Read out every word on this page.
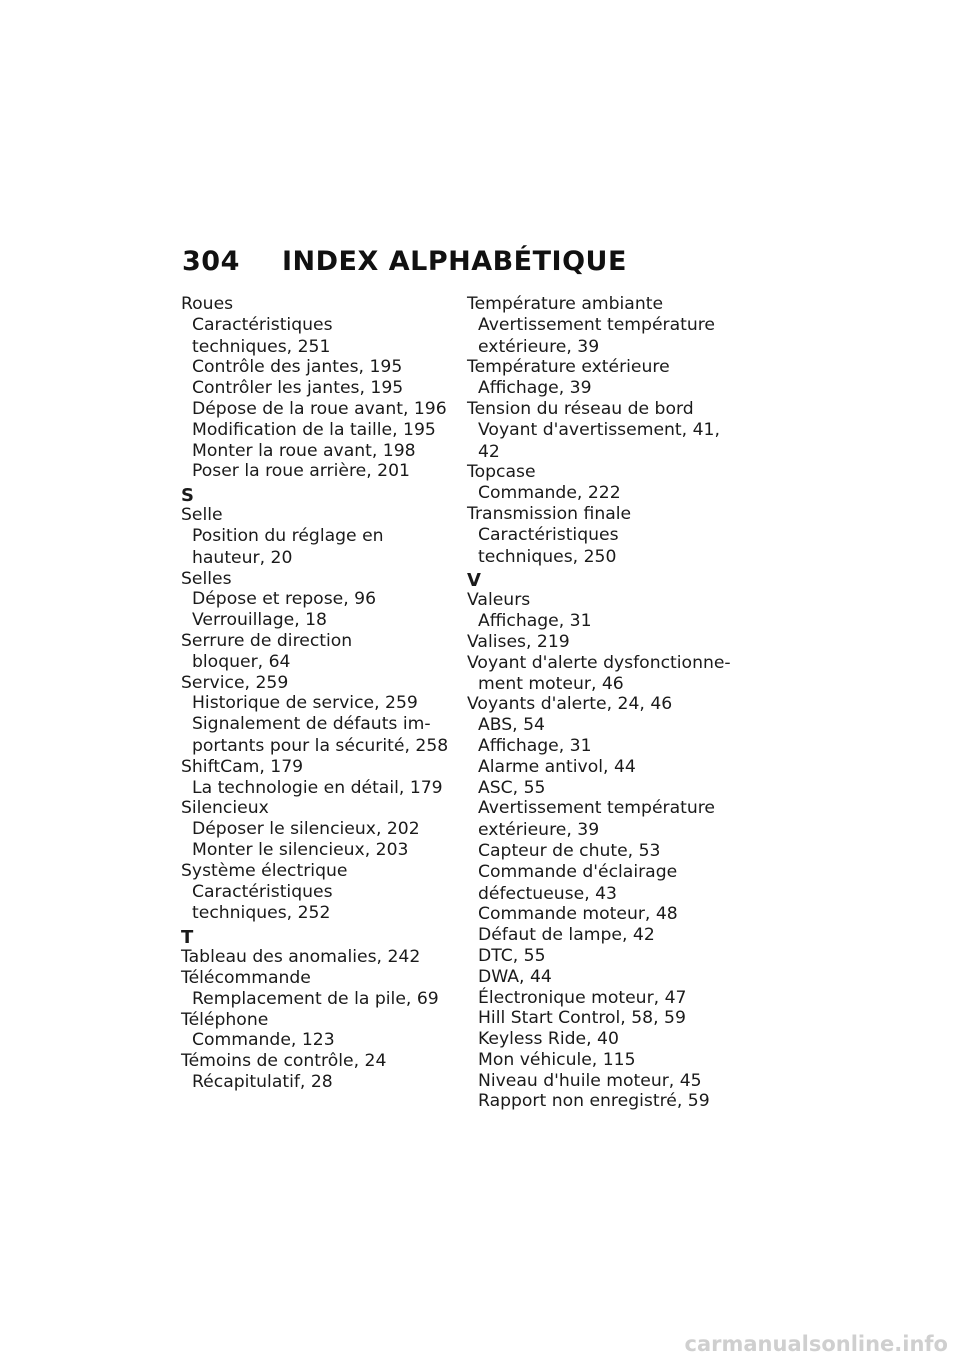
304 INDEX ALPHABÉTIQUE
Roues
Caractéristiques
techniques, 251
Contrôle des jantes, 195
Contrôler les jantes, 195
Dépose de la roue avant, 196
Modification de la taille, 195
Monter la roue avant, 198
Poser la roue arrière, 201
S
Selle
Position du réglage en
hauteur, 20
Selles
Dépose et repose, 96
Verrouillage, 18
Serrure de direction
bloquer, 64
Service, 259
Historique de service, 259
Signalement de défauts im-
portants pour la sécurité, 258
ShiftCam, 179
La technologie en détail, 179
Silencieux
Déposer le silencieux, 202
Monter le silencieux, 203
Système électrique
Caractéristiques
techniques, 252
T
Tableau des anomalies, 242
Télécommande
Remplacement de la pile, 69
Téléphone
Commande, 123
Témoins de contrôle, 24
Récapitulatif, 28
Température ambiante
Avertissement température
extérieure, 39
Température extérieure
Affichage, 39
Tension du réseau de bord
Voyant d'avertissement, 41,
42
Topcase
Commande, 222
Transmission finale
Caractéristiques
techniques, 250
V
Valeurs
Affichage, 31
Valises, 219
Voyant d'alerte dysfonctionne-
ment moteur, 46
Voyants d'alerte, 24, 46
ABS, 54
Affichage, 31
Alarme antivol, 44
ASC, 55
Avertissement température
extérieure, 39
Capteur de chute, 53
Commande d'éclairage
défectueuse, 43
Commande moteur, 48
Défaut de lampe, 42
DTC, 55
DWA, 44
Électronique moteur, 47
Hill Start Control, 58, 59
Keyless Ride, 40
Mon véhicule, 115
Niveau d'huile moteur, 45
Rapport non enregistré, 59
carmanualsonline.info
